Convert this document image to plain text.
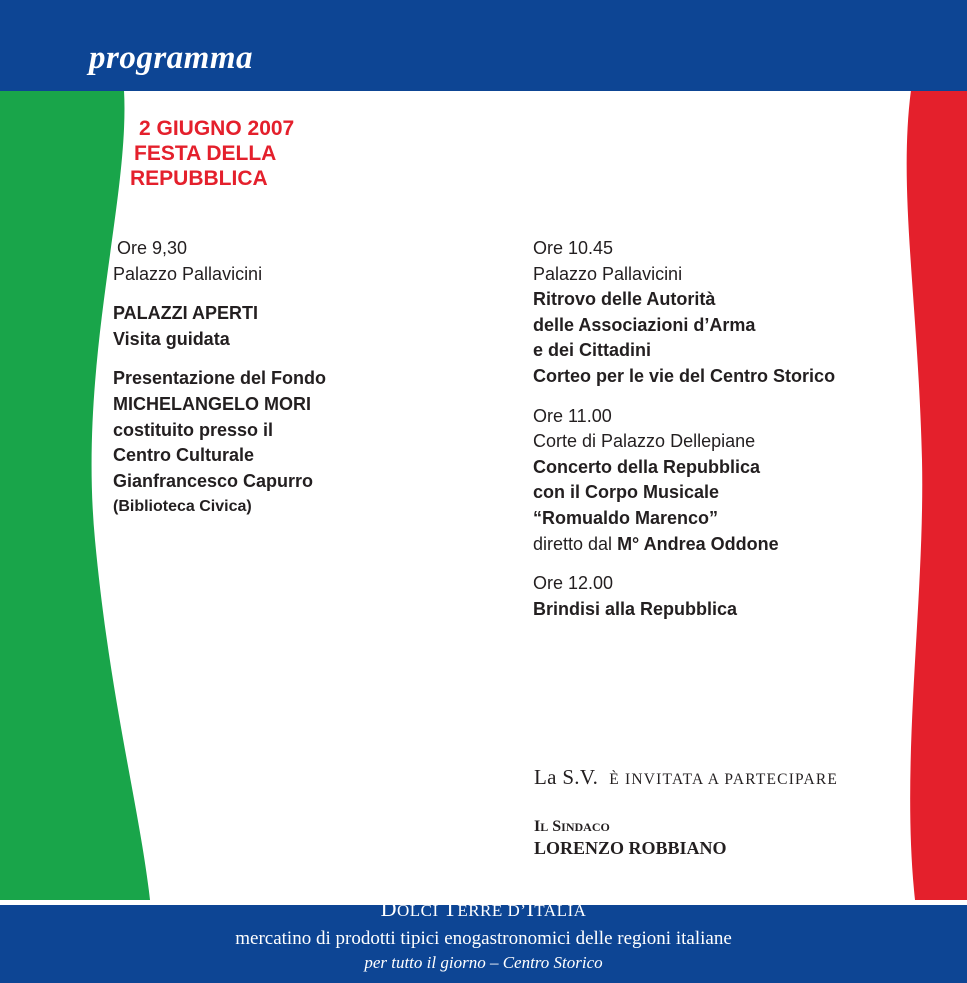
programma
2 GIUGNO 2007
FESTA DELLA
REPUBBLICA
Ore 9,30
Palazzo Pallavicini
PALAZZI APERTI
Visita guidata
Presentazione del Fondo
MICHELANGELO MORI
costituito presso il
Centro Culturale
Gianfrancesco Capurro
(Biblioteca Civica)
Ore 10.45
Palazzo Pallavicini
Ritrovo delle Autorità
delle Associazioni d’Arma
e dei Cittadini
Corteo per le vie del Centro Storico
Ore 11.00
Corte di Palazzo Dellepiane
Concerto della Repubblica
con il Corpo Musicale
“Romualdo Marenco”
diretto dal M° Andrea Oddone
Ore 12.00
Brindisi alla Repubblica
La S.V. È INVITATA A PARTECIPARE
IL SINDACO
LORENZO ROBBIANO
DOLCI TERRE D’ITALIA
mercatino di prodotti tipici enogastronomici delle regioni italiane
per tutto il giorno – Centro Storico
